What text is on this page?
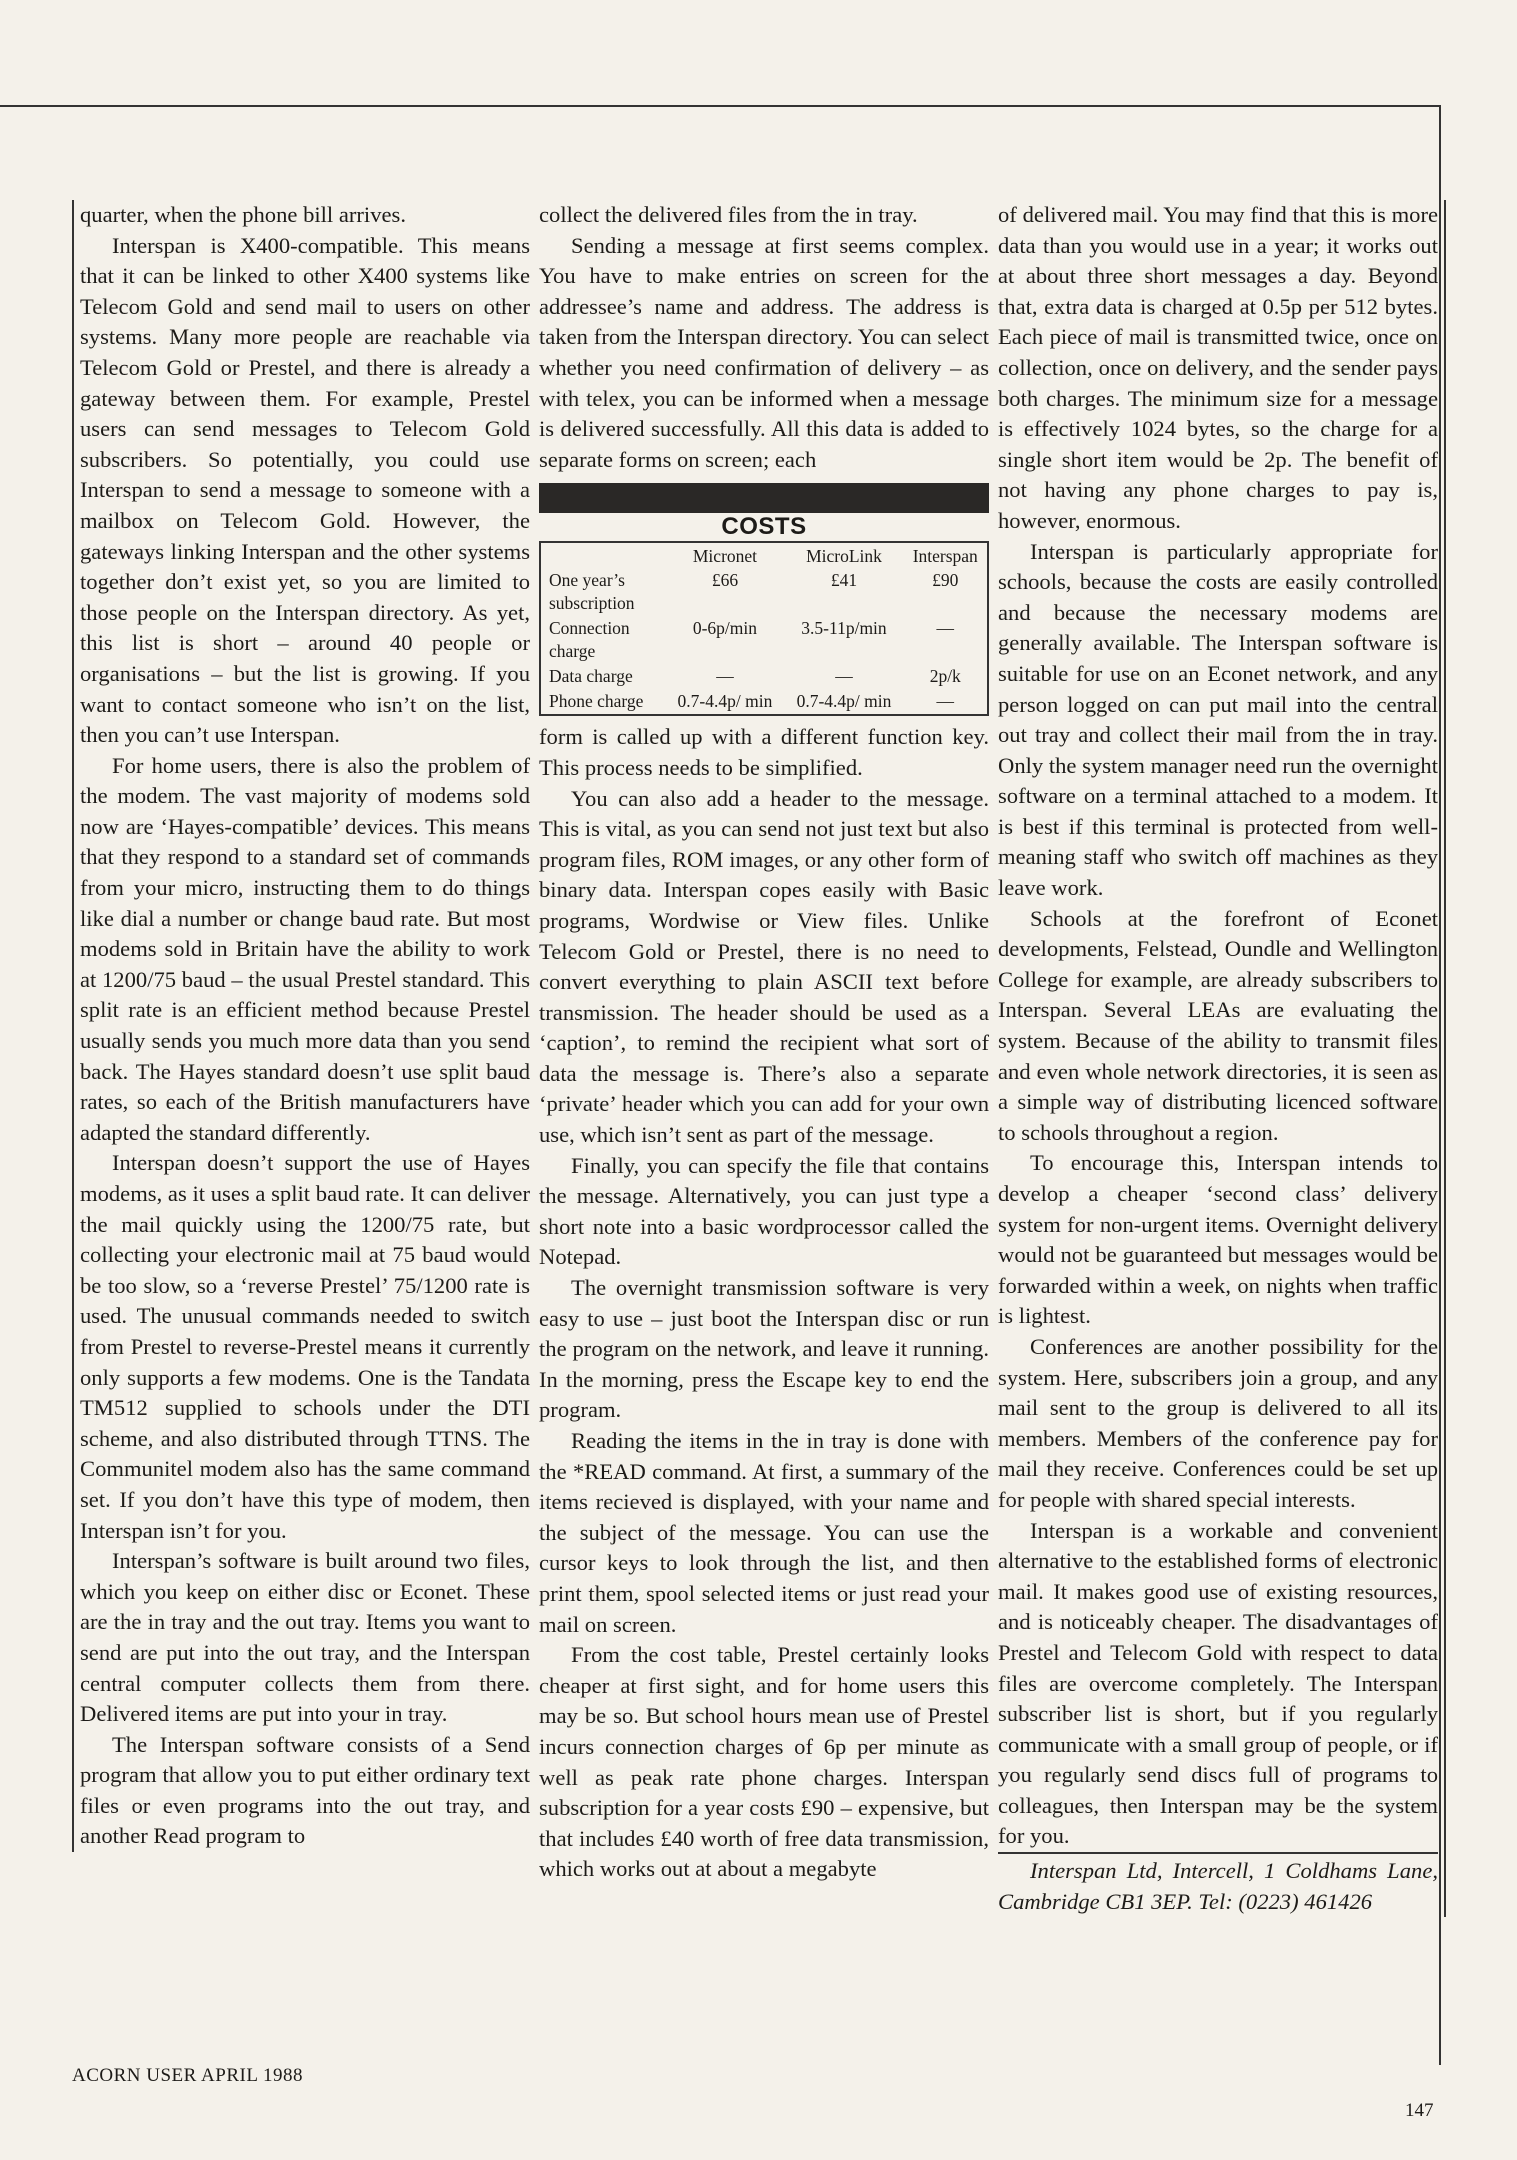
quarter, when the phone bill arrives.

Interspan is X400-compatible. This means that it can be linked to other X400 systems like Telecom Gold and send mail to users on other systems. Many more people are reachable via Telecom Gold or Prestel, and there is already a gateway between them. For example, Prestel users can send messages to Telecom Gold subscribers. So potentially, you could use Interspan to send a message to someone with a mailbox on Telecom Gold. However, the gateways linking Interspan and the other systems together don’t exist yet, so you are limited to those people on the Interspan directory. As yet, this list is short – around 40 people or organisations – but the list is growing. If you want to contact someone who isn’t on the list, then you can’t use Interspan.

For home users, there is also the problem of the modem. The vast majority of modems sold now are ‘Hayes-compatible’ devices. This means that they respond to a standard set of commands from your micro, instructing them to do things like dial a number or change baud rate. But most modems sold in Britain have the ability to work at 1200/75 baud – the usual Prestel standard. This split rate is an efficient method because Prestel usually sends you much more data than you send back. The Hayes standard doesn’t use split baud rates, so each of the British manufacturers have adapted the standard differently.

Interspan doesn’t support the use of Hayes modems, as it uses a split baud rate. It can deliver the mail quickly using the 1200/75 rate, but collecting your electronic mail at 75 baud would be too slow, so a ‘reverse Prestel’ 75/1200 rate is used. The unusual commands needed to switch from Prestel to reverse-Prestel means it currently only supports a few modems. One is the Tandata TM512 supplied to schools under the DTI scheme, and also distributed through TTNS. The Communitel modem also has the same command set. If you don’t have this type of modem, then Interspan isn’t for you.

Interspan’s software is built around two files, which you keep on either disc or Econet. These are the in tray and the out tray. Items you want to send are put into the out tray, and the Interspan central computer collects them from there. Delivered items are put into your in tray.

The Interspan software consists of a Send program that allow you to put either ordinary text files or even programs into the out tray, and another Read program to

collect the delivered files from the in tray.

Sending a message at first seems complex. You have to make entries on screen for the addressee’s name and address. The address is taken from the Interspan directory. You can select whether you need confirmation of delivery – as with telex, you can be informed when a message is delivered successfully. All this data is added to separate forms on screen; each

COSTS
	Micronet	MicroLink	Interspan
One year’s subscription	£66	£41	£90
Connection charge	0-6p/min	3.5-11p/min	—
Data charge	—	—	2p/k
Phone charge	0.7-4.4p/ min	0.7-4.4p/ min	—

form is called up with a different function key. This process needs to be simplified.

You can also add a header to the message. This is vital, as you can send not just text but also program files, ROM images, or any other form of binary data. Interspan copes easily with Basic programs, Wordwise or View files. Unlike Telecom Gold or Prestel, there is no need to convert everything to plain ASCII text before transmission. The header should be used as a ‘caption’, to remind the recipient what sort of data the message is. There’s also a separate ‘private’ header which you can add for your own use, which isn’t sent as part of the message.

Finally, you can specify the file that contains the message. Alternatively, you can just type a short note into a basic wordprocessor called the Notepad.

The overnight transmission software is very easy to use – just boot the Interspan disc or run the program on the network, and leave it running. In the morning, press the Escape key to end the program.

Reading the items in the in tray is done with the *READ command. At first, a summary of the items recieved is displayed, with your name and the subject of the message. You can use the cursor keys to look through the list, and then print them, spool selected items or just read your mail on screen.

From the cost table, Prestel certainly looks cheaper at first sight, and for home users this may be so. But school hours mean use of Prestel incurs connection charges of 6p per minute as well as peak rate phone charges. Interspan subscription for a year costs £90 – expensive, but that includes £40 worth of free data transmission, which works out at about a megabyte

of delivered mail. You may find that this is more data than you would use in a year; it works out at about three short messages a day. Beyond that, extra data is charged at 0.5p per 512 bytes. Each piece of mail is transmitted twice, once on collection, once on delivery, and the sender pays both charges. The minimum size for a message is effectively 1024 bytes, so the charge for a single short item would be 2p. The benefit of not having any phone charges to pay is, however, enormous.

Interspan is particularly appropriate for schools, because the costs are easily controlled and because the necessary modems are generally available. The Interspan software is suitable for use on an Econet network, and any person logged on can put mail into the central out tray and collect their mail from the in tray. Only the system manager need run the overnight software on a terminal attached to a modem. It is best if this terminal is protected from well-meaning staff who switch off machines as they leave work.

Schools at the forefront of Econet developments, Felstead, Oundle and Wellington College for example, are already subscribers to Interspan. Several LEAs are evaluating the system. Because of the ability to transmit files and even whole network directories, it is seen as a simple way of distributing licenced software to schools throughout a region.

To encourage this, Interspan intends to develop a cheaper ‘second class’ delivery system for non-urgent items. Overnight delivery would not be guaranteed but messages would be forwarded within a week, on nights when traffic is lightest.

Conferences are another possibility for the system. Here, subscribers join a group, and any mail sent to the group is delivered to all its members. Members of the conference pay for mail they receive. Conferences could be set up for people with shared special interests.

Interspan is a workable and convenient alternative to the established forms of electronic mail. It makes good use of existing resources, and is noticeably cheaper. The disadvantages of Prestel and Telecom Gold with respect to data files are overcome completely. The Interspan subscriber list is short, but if you regularly communicate with a small group of people, or if you regularly send discs full of programs to colleagues, then Interspan may be the system for you.

Interspan Ltd, Intercell, 1 Coldhams Lane, Cambridge CB1 3EP. Tel: (0223) 461426

ACORN USER APRIL 1988
147
